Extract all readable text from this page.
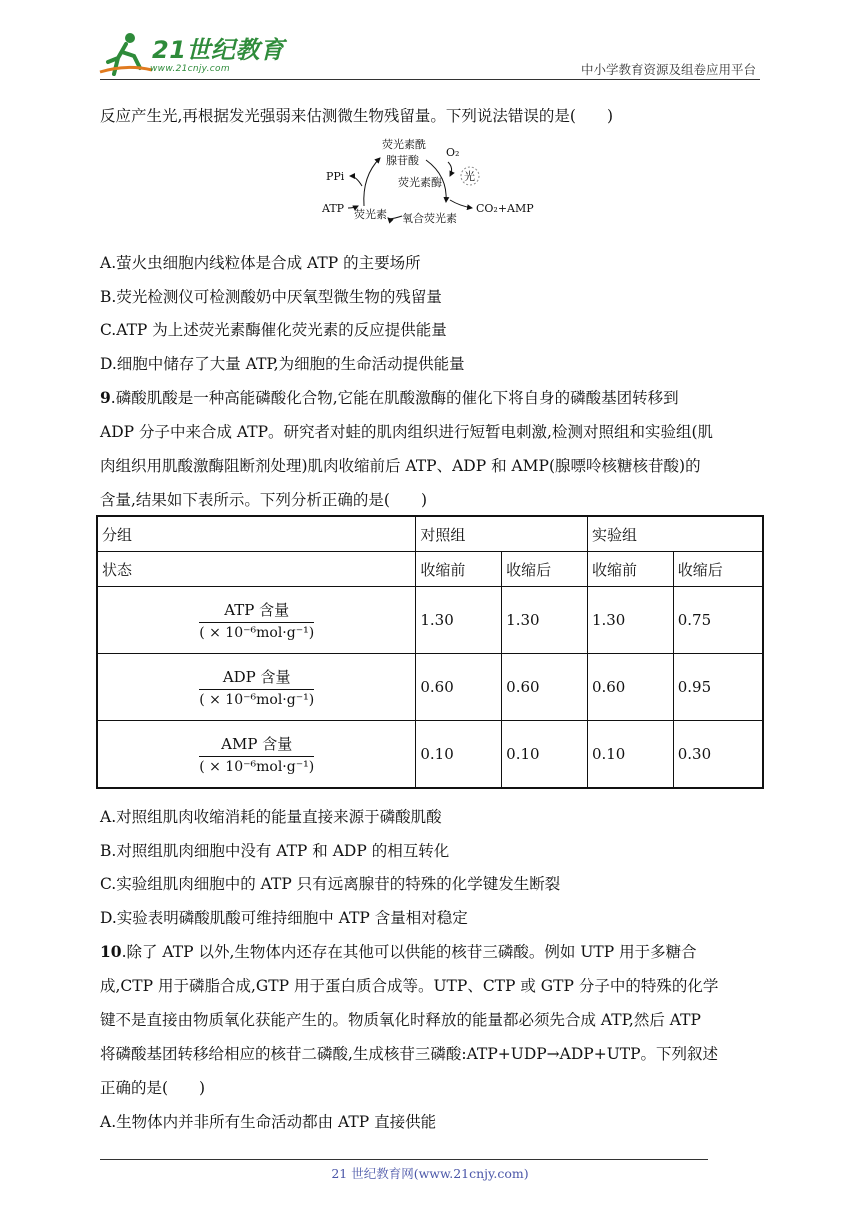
21世纪教育
www.21cnjy.com	中小学教育资源及组卷应用平台
反应产生光,再根据发光强弱来估测微生物残留量。下列说法错误的是(　　)
荧光素酰
腺苷酸
O₂
荧光素酶 光
PPi
ATP 荧光素 氧合荧光素
CO₂+AMP
A.萤火虫细胞内线粒体是合成 ATP 的主要场所
B.荧光检测仪可检测酸奶中厌氧型微生物的残留量
C.ATP 为上述荧光素酶催化荧光素的反应提供能量
D.细胞中储存了大量 ATP,为细胞的生命活动提供能量
9.磷酸肌酸是一种高能磷酸化合物,它能在肌酸激酶的催化下将自身的磷酸基团转移到
ADP 分子中来合成 ATP。研究者对蛙的肌肉组织进行短暂电刺激,检测对照组和实验组(肌
肉组织用肌酸激酶阻断剂处理)肌肉收缩前后 ATP、ADP 和 AMP(腺嘌呤核糖核苷酸)的
含量,结果如下表所示。下列分析正确的是(　　)
分组	对照组		实验组	
状态	收缩前	收缩后	收缩前	收缩后

$\frac{\text{ATP 含量}}{\text{( × 10⁻⁶mol·g⁻¹)}}$	1.30	1.30	1.30	0.75

$\frac{\text{ADP 含量}}{\text{( × 10⁻⁶mol·g⁻¹)}}$	0.60	0.60	0.60	0.95

$\frac{\text{AMP 含量}}{\text{( × 10⁻⁶mol·g⁻¹)}}$	0.10	0.10	0.10	0.30
A.对照组肌肉收缩消耗的能量直接来源于磷酸肌酸
B.对照组肌肉细胞中没有 ATP 和 ADP 的相互转化
C.实验组肌肉细胞中的 ATP 只有远离腺苷的特殊的化学键发生断裂
D.实验表明磷酸肌酸可维持细胞中 ATP 含量相对稳定
10.除了 ATP 以外,生物体内还存在其他可以供能的核苷三磷酸。例如 UTP 用于多糖合
成,CTP 用于磷脂合成,GTP 用于蛋白质合成等。UTP、CTP 或 GTP 分子中的特殊的化学
键不是直接由物质氧化获能产生的。物质氧化时释放的能量都必须先合成 ATP,然后 ATP
将磷酸基团转移给相应的核苷二磷酸,生成核苷三磷酸:ATP+UDP→ADP+UTP。下列叙述
正确的是(　　)
A.生物体内并非所有生命活动都由 ATP 直接供能
21 世纪教育网(www.21cnjy.com)
